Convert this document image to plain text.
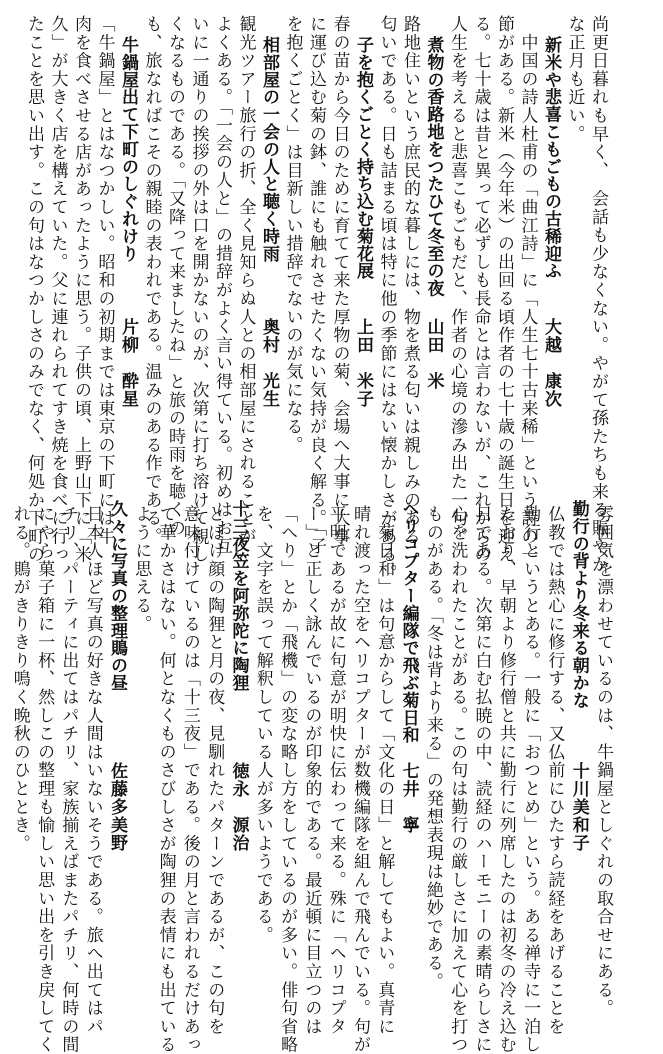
尚更日暮れも早く、　会話も少なくない。やがて孫たちも来る賑やか
な正月も近い。
新米や悲喜こもごもの古稀迎ふ
大越　康次
　中国の詩人杜甫の「曲江詩」に「人生七十古来稀」という詩の一
節がある。新米（今年米）の出回る頃作者の七十歳の誕生日を迎え
る。七十歳は昔と異って必ずしも長命とは言わないが、これからの
人生を考えると悲喜こもごもだと、作者の心境の滲み出た一句。
煮物の香路地をつたひて冬至の夜
山田　米
路地住いという庶民的な暮しには、物を煮る匂いは親しみのある
匂いである。日も詰まる頃は特に他の季節にはない懐かしさがある。
子を抱くごとく持ち込む菊花展
上田　米子
春の苗から今日のために育てて来た厚物の菊、会場へ大事に大事
に運び込む菊の鉢、誰にも触れさせたくない気持が良く解る。「子
を抱くごとく」は目新しい措辞でないのが気になる。
相部屋の一会の人と聴く時雨
奥村　光生
観光ツアー旅行の折、全く見知らぬ人との相部屋にされることが
よくある。「一会の人と」の措辞がよく言い得ている。初めはお互
いに一通りの挨拶の外は口を開かないのが、次第に打ち溶けて親し
くなるものである。「又降って来ましたね」と旅の時雨を聴くの
も、旅なればこその親睦の表われである。温みのある作である。
牛鍋屋出て下町のしぐれけり
片柳　酔星
「牛鍋屋」とはなつかしい。昭和の初期までは東京の下町には牛
肉を食べさせる店があったように思う。子供の頃、上野山下に「米
久」が大きく店を構えていた。父に連れられてすき焼を食べに行っ
たことを思い出す。この句はなつかしさのみでなく、何処か下町の
雰囲気を漂わせているのは、牛鍋屋としぐれの取合せにある。
勤行の背より冬来る朝かな
十川美和子
仏教では熱心に修行する、又仏前にひたすら読経をあげることを
勤行というとある。一般に「おつとめ」という。ある禅寺に一泊し
たおり、早朝より修行僧と共に勤行に列席したのは初冬の冷え込む
日である。次第に白む払暁の中、読経のハーモニーの素晴らしさに
心を洗われたことがある。この句は勤行の厳しさに加えて心を打つ
ものがある。「冬は背より来る」の発想表現は絶妙である。
ヘリコプター編隊で飛ぶ菊日和
七井　寧
「菊日和」は句意からして「文化の日」と解してもよい。真青に
晴れ渡った空をヘリコプターが数機編隊を組んで飛んでいる。句が
平明であるが故に句意が明快に伝わって来る。殊に「ヘリコプタ
ー」と正しく詠んでいるのが印象的である。最近頓に目立つのは
「へり」とか「飛機」の変な略し方をしているのが多い。俳句省略
を、文字を誤って解釈している人が多いようである。
十三夜笠を阿弥陀に陶狸
徳永　源治
とぼけ顔の陶狸と月の夜、見馴れたパターンであるが、この句を
意味付けているのは「十三夜」である。後の月と言われるだけあっ
て華かさはない。何となくものさびしさが陶狸の表情にも出ている
ように思える。
久々に写真の整理鵙の昼
佐藤多美野
日本人ほど写真の好きな人間はいないそうである。旅へ出てはパ
チリ、パーティに出てはパチリ、家族揃えばまたパチリ、何時の間
にやら菓子箱に一杯、然しこの整理も愉しい思い出を引き戻してく
れる。鵙がきりきり鳴く晩秋のひととき。
